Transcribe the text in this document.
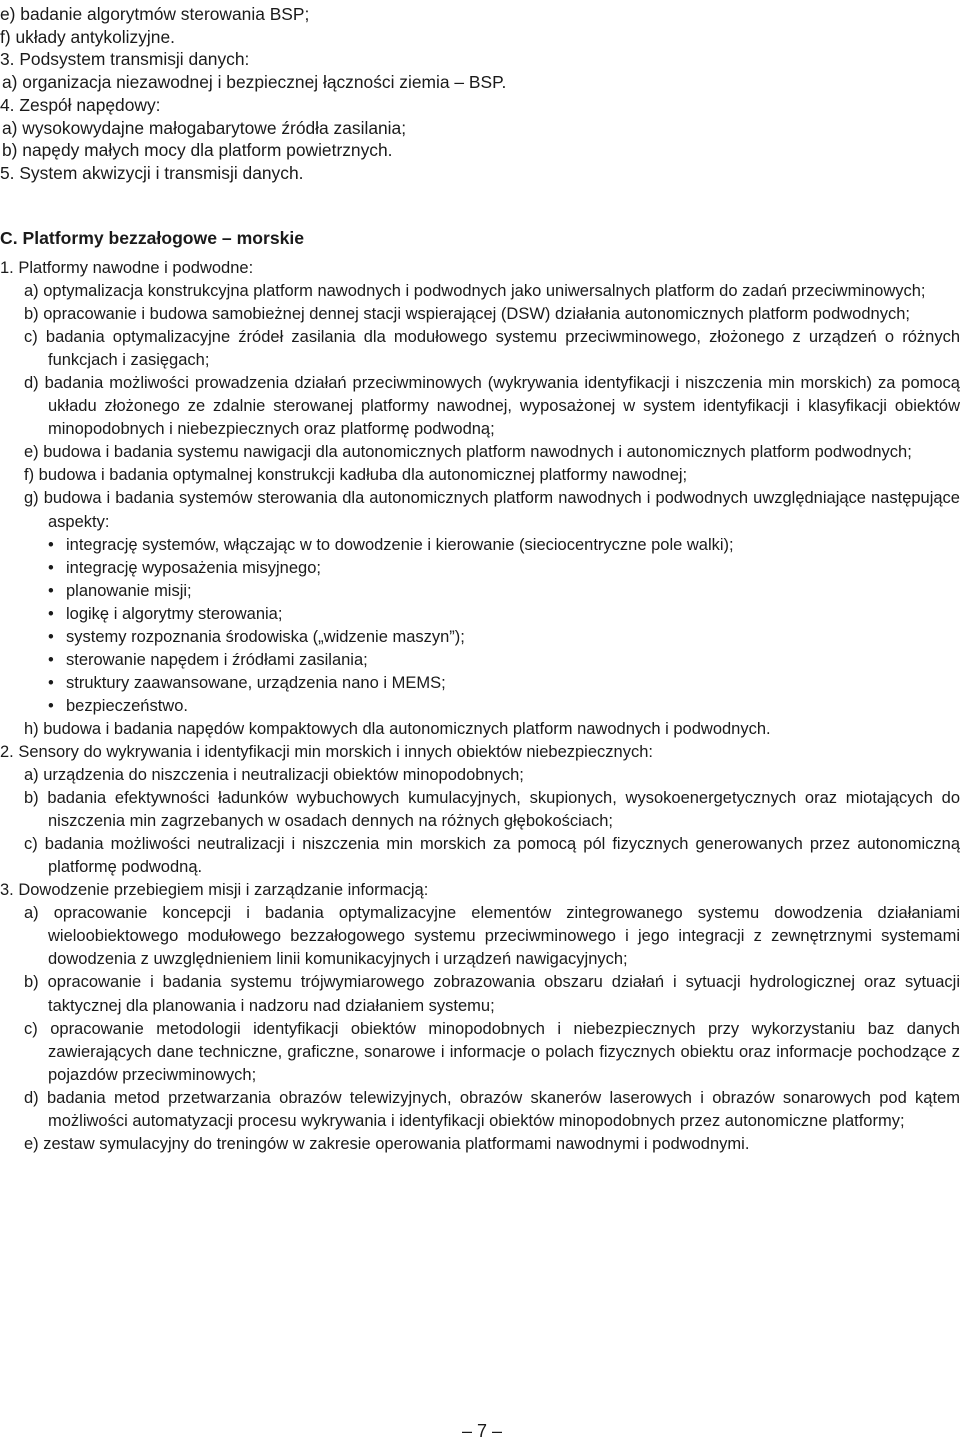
e) badanie algorytmów sterowania BSP;
f) układy antykolizyjne.
3. Podsystem transmisji danych:
a) organizacja niezawodnej i bezpiecznej łączności ziemia – BSP.
4. Zespół napędowy:
a) wysokowydajne małogabarytowe źródła zasilania;
b) napędy małych mocy dla platform powietrznych.
5. System akwizycji i transmisji danych.
C. Platformy bezzałogowe – morskie
1. Platformy nawodne i podwodne:
a) optymalizacja konstrukcyjna platform nawodnych i podwodnych jako uniwersalnych platform do zadań przeciwminowych;
b) opracowanie i budowa samobieżnej dennej stacji wspierającej (DSW) działania autonomicznych platform podwodnych;
c) badania optymalizacyjne źródeł zasilania dla modułowego systemu przeciwminowego, złożonego z urządzeń o różnych funkcjach i zasięgach;
d) badania możliwości prowadzenia działań przeciwminowych (wykrywania identyfikacji i niszczenia min morskich) za pomocą układu złożonego ze zdalnie sterowanej platformy nawodnej, wyposażonej w system identyfikacji i klasyfikacji obiektów minopodobnych i niebezpiecznych oraz platformę podwodną;
e) budowa i badania systemu nawigacji dla autonomicznych platform nawodnych i autonomicznych platform podwodnych;
f) budowa i badania optymalnej konstrukcji kadłuba dla autonomicznej platformy nawodnej;
g) budowa i badania systemów sterowania dla autonomicznych platform nawodnych i podwodnych uwzględniające następujące aspekty:
• integrację systemów, włączając w to dowodzenie i kierowanie (sieciocentryczne pole walki);
• integrację wyposażenia misyjnego;
• planowanie misji;
• logikę i algorytmy sterowania;
• systemy rozpoznania środowiska („widzenie maszyn”);
• sterowanie napędem i źródłami zasilania;
• struktury zaawansowane, urządzenia nano i MEMS;
• bezpieczeństwo.
h) budowa i badania napędów kompaktowych dla autonomicznych platform nawodnych i podwodnych.
2. Sensory do wykrywania i identyfikacji min morskich i innych obiektów niebezpiecznych:
a) urządzenia do niszczenia i neutralizacji obiektów minopodobnych;
b) badania efektywności ładunków wybuchowych kumulacyjnych, skupionych, wysokoenergetycznych oraz miotających do niszczenia min zagrzebanych w osadach dennych na różnych głębokościach;
c) badania możliwości neutralizacji i niszczenia min morskich za pomocą pól fizycznych generowanych przez autonomiczną platformę podwodną.
3. Dowodzenie przebiegiem misji i zarządzanie informacją:
a) opracowanie koncepcji i badania optymalizacyjne elementów zintegrowanego systemu dowodzenia działaniami wieloobiektowego modułowego bezzałogowego systemu przeciwminowego i jego integracji z zewnętrznymi systemami dowodzenia z uwzględnieniem linii komunikacyjnych i urządzeń nawigacyjnych;
b) opracowanie i badania systemu trójwymiarowego zobrazowania obszaru działań i sytuacji hydrologicznej oraz sytuacji taktycznej dla planowania i nadzoru nad działaniem systemu;
c) opracowanie metodologii identyfikacji obiektów minopodobnych i niebezpiecznych przy wykorzystaniu baz danych zawierających dane techniczne, graficzne, sonarowe i informacje o polach fizycznych obiektu oraz informacje pochodzące z pojazdów przeciwminowych;
d) badania metod przetwarzania obrazów telewizyjnych, obrazów skanerów laserowych i obrazów sonarowych pod kątem możliwości automatyzacji procesu wykrywania i identyfikacji obiektów minopodobnych przez autonomiczne platformy;
e) zestaw symulacyjny do treningów w zakresie operowania platformami nawodnymi i podwodnymi.
– 7 –
